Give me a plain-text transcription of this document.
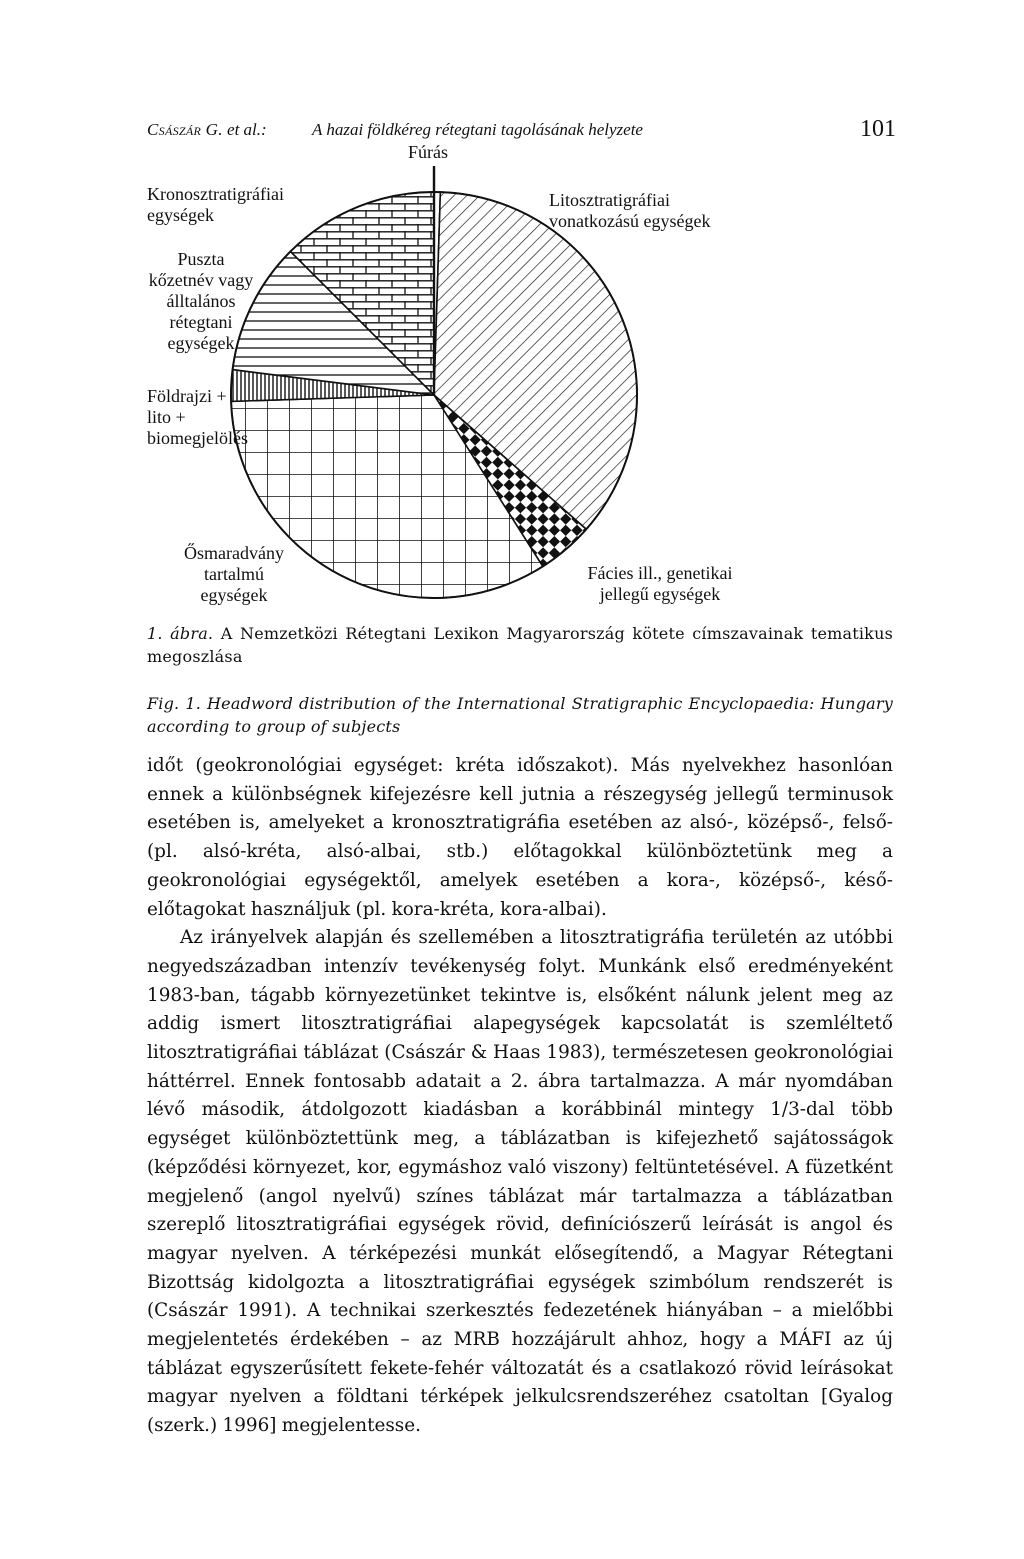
Császár G. et al.:	A hazai földkéreg rétegtani tagolásának helyzete	101
Fúrás
Kronosztratigráfiai
egységek
Puszta
kőzetnév vagy
álltalános
rétegtani
egységek
Földrajzi +
lito +
biomegjelölés
Ősmaradvány
tartalmú
egységek
Litosztratigráfiai
vonatkozású egységek
Fácies ill., genetikai
jellegű egységek
1. ábra. A Nemzetközi Rétegtani Lexikon Magyarország kötete címszavainak tematikus megoszlása
Fig. 1. Headword distribution of the International Stratigraphic Encyclopaedia: Hungary according to group of subjects

időt (geokronológiai egységet: kréta időszakot). Más nyelvekhez hasonlóan ennek a különbségnek kifejezésre kell jutnia a részegység jellegű terminusok esetében is, amelyeket a kronosztratigráfia esetében az alsó-, középső-, felső- (pl. alsó-kréta, alsó-albai, stb.) előtagokkal különböztetünk meg a geokronológiai egységektől, amelyek esetében a kora-, középső-, késő- előtagokat használjuk (pl. kora-kréta, kora-albai).

Az irányelvek alapján és szellemében a litosztratigráfia területén az utóbbi negyedszázadban intenzív tevékenység folyt. Munkánk első eredményeként 1983-ban, tágabb környezetünket tekintve is, elsőként nálunk jelent meg az addig ismert litosztratigráfiai alapegységek kapcsolatát is szemléltető litosztratigráfiai táblázat (Császár & Haas 1983), természetesen geokronológiai háttérrel. Ennek fontosabb adatait a 2. ábra tartalmazza. A már nyomdában lévő második, átdolgozott kiadásban a korábbinál mintegy 1/3-dal több egységet különböztettünk meg, a táblázatban is kifejezhető sajátosságok (képződési környezet, kor, egymáshoz való viszony) feltüntetésével. A füzetként megjelenő (angol nyelvű) színes táblázat már tartalmazza a táblázatban szereplő litosztratigráfiai egységek rövid, definíciószerű leírását is angol és magyar nyelven. A térképezési munkát elősegítendő, a Magyar Rétegtani Bizottság kidolgozta a litosztratigráfiai egységek szimbólum rendszerét is (Császár 1991). A technikai szerkesztés fedezetének hiányában – a mielőbbi megjelentetés érdekében – az MRB hozzájárult ahhoz, hogy a MÁFI az új táblázat egyszerűsített fekete-fehér változatát és a csatlakozó rövid leírásokat magyar nyelven a földtani térképek jelkulcsrendszeréhez csatoltan [Gyalog (szerk.) 1996] megjelentesse.
